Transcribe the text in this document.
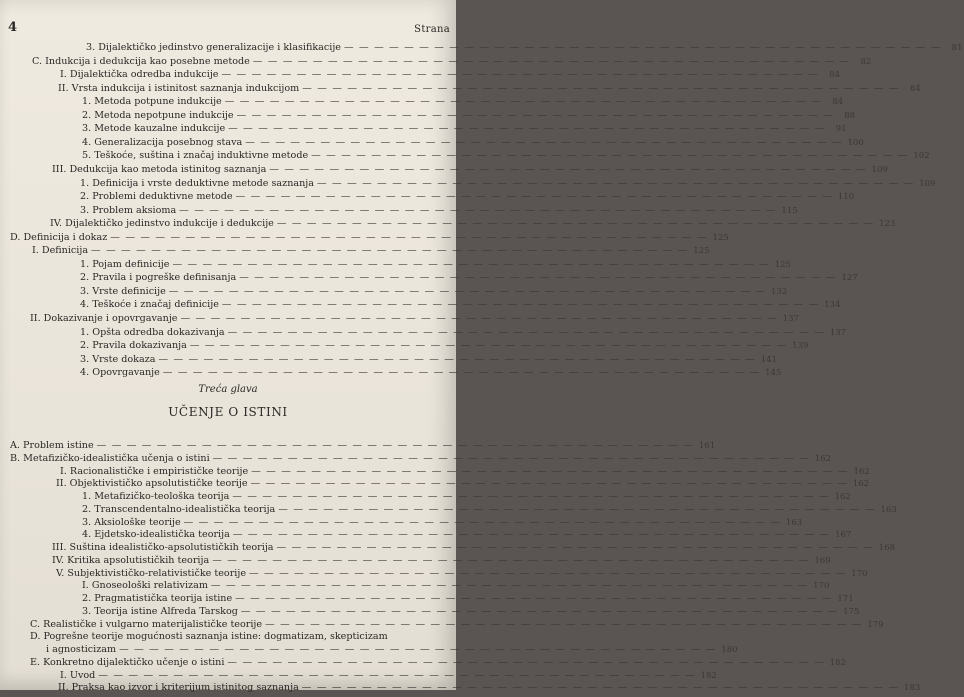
4	Strana
3. Dijalektičko jedinstvo generalizacije i klasifikacije — — — — — — — — — — — — — — — — — — — — — — — — — — — — — — — — — — — — — — — —	81
C. Indukcija i dedukcija kao posebne metode — — — — — — — — — — — — — — — — — — — — — — — — — — — — — — — — — — — — — — — —	82
I. Dijalektička odredba indukcije — — — — — — — — — — — — — — — — — — — — — — — — — — — — — — — — — — — — — — — —	84
II. Vrsta indukcija i istinitost saznanja indukcijom — — — — — — — — — — — — — — — — — — — — — — — — — — — — — — — — — — — — — — — —	84
1. Metoda potpune indukcije — — — — — — — — — — — — — — — — — — — — — — — — — — — — — — — — — — — — — — — —	84
2. Metoda nepotpune indukcije — — — — — — — — — — — — — — — — — — — — — — — — — — — — — — — — — — — — — — — —	88
3. Metode kauzalne indukcije — — — — — — — — — — — — — — — — — — — — — — — — — — — — — — — — — — — — — — — —	91
4. Generalizacija posebnog stava — — — — — — — — — — — — — — — — — — — — — — — — — — — — — — — — — — — — — — — — 100
5. Teškoće, suština i značaj induktivne metode — — — — — — — — — — — — — — — — — — — — — — — — — — — — — — — — — — — — — — — — 102
III. Dedukcija kao metoda istinitog saznanja — — — — — — — — — — — — — — — — — — — — — — — — — — — — — — — — — — — — — — — — 109
1. Definicija i vrste deduktivne metode saznanja — — — — — — — — — — — — — — — — — — — — — — — — — — — — — — — — — — — — — — — — 109
2. Problemi deduktivne metode — — — — — — — — — — — — — — — — — — — — — — — — — — — — — — — — — — — — — — — — 110
3. Problem aksioma — — — — — — — — — — — — — — — — — — — — — — — — — — — — — — — — — — — — — — — — 115
IV. Dijalektičko jedinstvo indukcije i dedukcije — — — — — — — — — — — — — — — — — — — — — — — — — — — — — — — — — — — — — — — — 123
D. Definicija i dokaz — — — — — — — — — — — — — — — — — — — — — — — — — — — — — — — — — — — — — — — — 125
I. Definicija — — — — — — — — — — — — — — — — — — — — — — — — — — — — — — — — — — — — — — — — 125
1. Pojam definicije — — — — — — — — — — — — — — — — — — — — — — — — — — — — — — — — — — — — — — — — 125
2. Pravila i pogreške definisanja — — — — — — — — — — — — — — — — — — — — — — — — — — — — — — — — — — — — — — — — 127
3. Vrste definicije — — — — — — — — — — — — — — — — — — — — — — — — — — — — — — — — — — — — — — — — 132
4. Teškoće i značaj definicije — — — — — — — — — — — — — — — — — — — — — — — — — — — — — — — — — — — — — — — — 134
II. Dokazivanje i opovrgavanje — — — — — — — — — — — — — — — — — — — — — — — — — — — — — — — — — — — — — — — — 137
1. Opšta odredba dokazivanja — — — — — — — — — — — — — — — — — — — — — — — — — — — — — — — — — — — — — — — — 137
2. Pravila dokazivanja — — — — — — — — — — — — — — — — — — — — — — — — — — — — — — — — — — — — — — — — 139
3. Vrste dokaza — — — — — — — — — — — — — — — — — — — — — — — — — — — — — — — — — — — — — — — — 141
4. Opovrgavanje — — — — — — — — — — — — — — — — — — — — — — — — — — — — — — — — — — — — — — — — 145
Treća glava
UČENJE O ISTINI
A. Problem istine — — — — — — — — — — — — — — — — — — — — — — — — — — — — — — — — — — — — — — — — 161
B. Metafizičko-idealistička učenja o istini — — — — — — — — — — — — — — — — — — — — — — — — — — — — — — — — — — — — — — — — 162
I. Racionalističke i empirističke teorije — — — — — — — — — — — — — — — — — — — — — — — — — — — — — — — — — — — — — — — — 162
II. Objektivističko apsolutističke teorije — — — — — — — — — — — — — — — — — — — — — — — — — — — — — — — — — — — — — — — — 162
1. Metafizičko-teološka teorija — — — — — — — — — — — — — — — — — — — — — — — — — — — — — — — — — — — — — — — — 162
2. Transcendentalno-idealistička teorija — — — — — — — — — — — — — — — — — — — — — — — — — — — — — — — — — — — — — — — — 163
3. Aksiološke teorije — — — — — — — — — — — — — — — — — — — — — — — — — — — — — — — — — — — — — — — — 163
4. Ejdetsko-idealistička teorija — — — — — — — — — — — — — — — — — — — — — — — — — — — — — — — — — — — — — — — — 167
III. Suština idealističko-apsolutističkih teorija — — — — — — — — — — — — — — — — — — — — — — — — — — — — — — — — — — — — — — — — 168
IV. Kritika apsolutističkih teorija — — — — — — — — — — — — — — — — — — — — — — — — — — — — — — — — — — — — — — — — 169
V. Subjektivističko-relativističke teorije — — — — — — — — — — — — — — — — — — — — — — — — — — — — — — — — — — — — — — — — 170
I. Gnoseološki relativizam — — — — — — — — — — — — — — — — — — — — — — — — — — — — — — — — — — — — — — — — 170
2. Pragmatistička teorija istine — — — — — — — — — — — — — — — — — — — — — — — — — — — — — — — — — — — — — — — — 171
3. Teorija istine Alfreda Tarskog — — — — — — — — — — — — — — — — — — — — — — — — — — — — — — — — — — — — — — — — 175
C. Realističke i vulgarno materijalističke teorije — — — — — — — — — — — — — — — — — — — — — — — — — — — — — — — — — — — — — — — — 179
D. Pogrešne teorije mogućnosti saznanja istine: dogmatizam, skepticizam
i agnosticizam — — — — — — — — — — — — — — — — — — — — — — — — — — — — — — — — — — — — — — — — 180
E. Konkretno dijalektičko učenje o istini — — — — — — — — — — — — — — — — — — — — — — — — — — — — — — — — — — — — — — — — 182
I. Uvod — — — — — — — — — — — — — — — — — — — — — — — — — — — — — — — — — — — — — — — — 182
II. Praksa kao izvor i kriterijum istinitog saznanja — — — — — — — — — — — — — — — — — — — — — — — — — — — — — — — — — — — — — — — — 183
